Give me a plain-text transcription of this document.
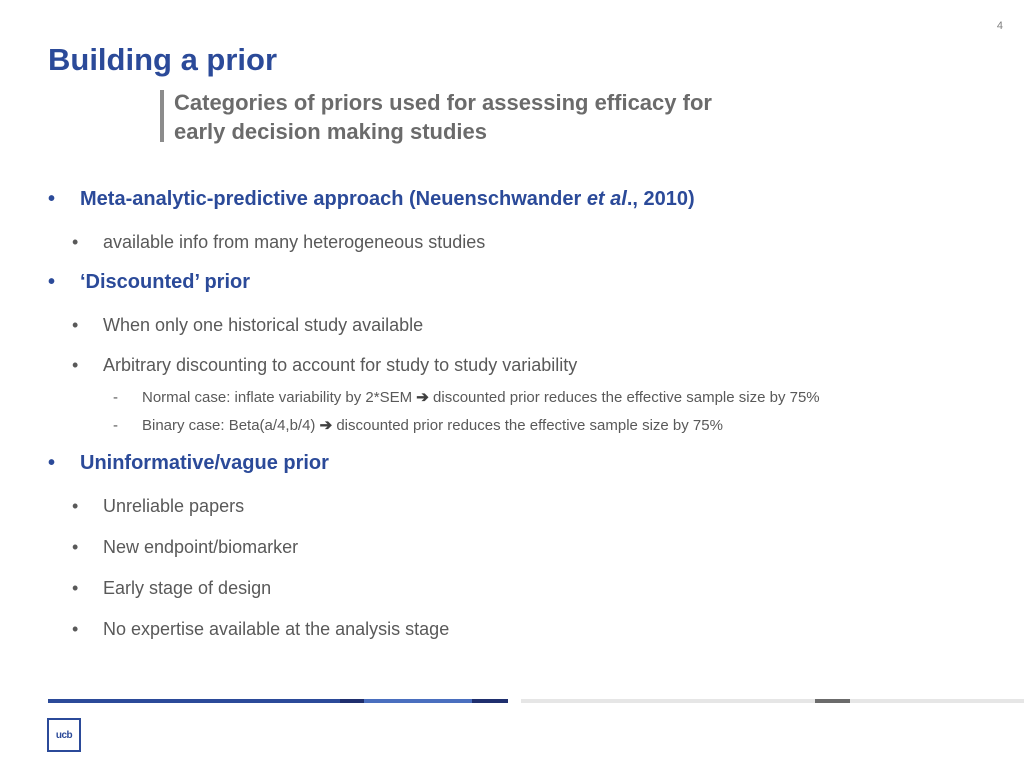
4
Building a prior

Categories of priors used for assessing efficacy for early decision making studies

• Meta-analytic-predictive approach (Neuenschwander et al., 2010)
• available info from many heterogeneous studies
• ‘Discounted’ prior
• When only one historical study available
• Arbitrary discounting to account for study to study variability
- Normal case: inflate variability by 2*SEM ➔ discounted prior reduces the effective sample size by 75%
- Binary case: Beta(a/4,b/4) ➔ discounted prior reduces the effective sample size by 75%
• Uninformative/vague prior
• Unreliable papers
• New endpoint/biomarker
• Early stage of design
• No expertise available at the analysis stage
ucb
